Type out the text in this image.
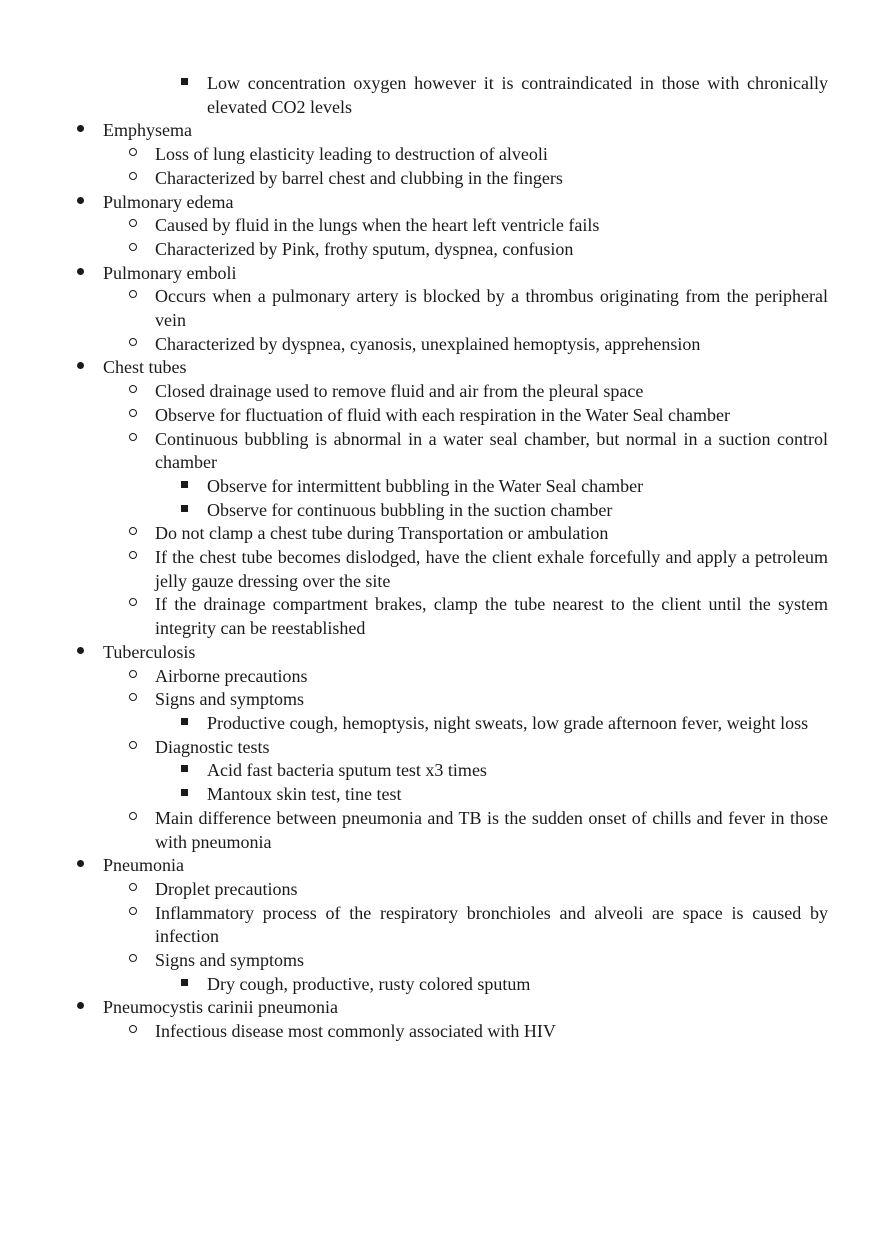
Low concentration oxygen however it is contraindicated in those with chronically elevated CO2 levels
Emphysema
Loss of lung elasticity leading to destruction of alveoli
Characterized by barrel chest and clubbing in the fingers
Pulmonary edema
Caused by fluid in the lungs when the heart left ventricle fails
Characterized by Pink, frothy sputum, dyspnea, confusion
Pulmonary emboli
Occurs when a pulmonary artery is blocked by a thrombus originating from the peripheral vein
Characterized by dyspnea, cyanosis, unexplained hemoptysis, apprehension
Chest tubes
Closed drainage used to remove fluid and air from the pleural space
Observe for fluctuation of fluid with each respiration in the Water Seal chamber
Continuous bubbling is abnormal in a water seal chamber, but normal in a suction control chamber
Observe for intermittent bubbling in the Water Seal chamber
Observe for continuous bubbling in the suction chamber
Do not clamp a chest tube during Transportation or ambulation
If the chest tube becomes dislodged, have the client exhale forcefully and apply a petroleum jelly gauze dressing over the site
If the drainage compartment brakes, clamp the tube nearest to the client until the system integrity can be reestablished
Tuberculosis
Airborne precautions
Signs and symptoms
Productive cough, hemoptysis, night sweats, low grade afternoon fever, weight loss
Diagnostic tests
Acid fast bacteria sputum test x3 times
Mantoux skin test, tine test
Main difference between pneumonia and TB is the sudden onset of chills and fever in those with pneumonia
Pneumonia
Droplet precautions
Inflammatory process of the respiratory bronchioles and alveoli are space is caused by infection
Signs and symptoms
Dry cough, productive, rusty colored sputum
Pneumocystis carinii pneumonia
Infectious disease most commonly associated with HIV
